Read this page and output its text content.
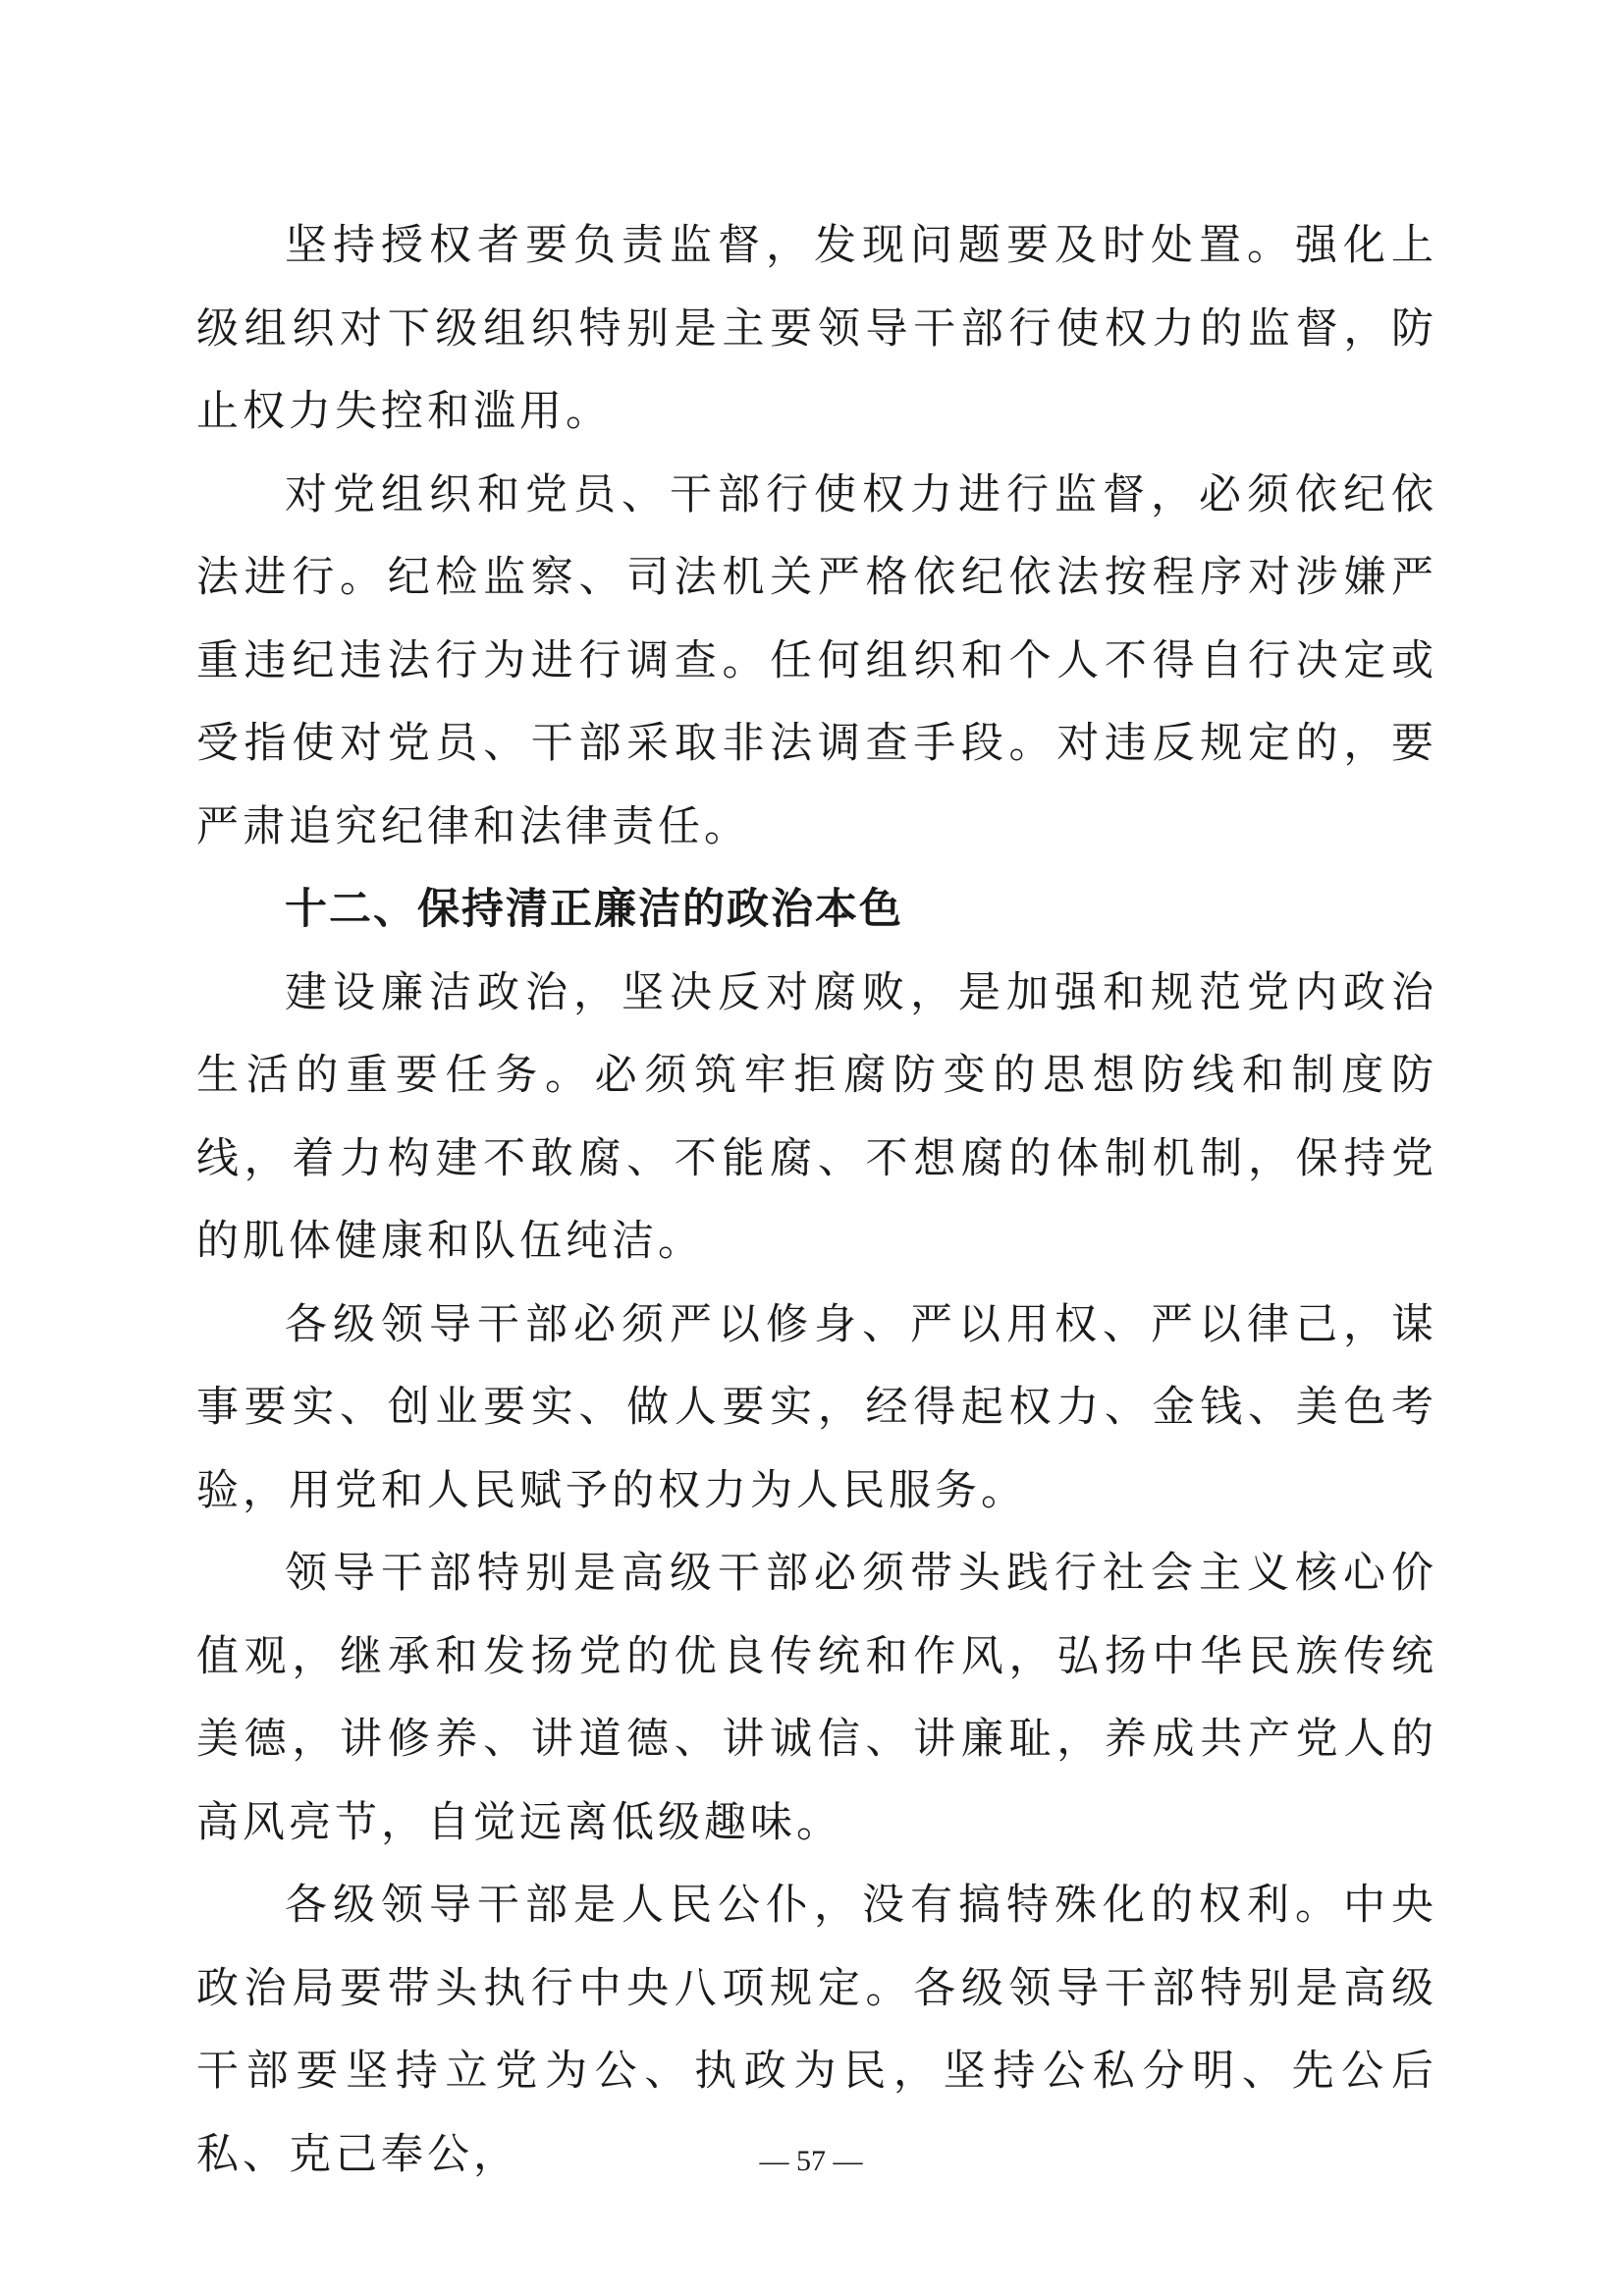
坚持授权者要负责监督，发现问题要及时处置。强化上级组织对下级组织特别是主要领导干部行使权力的监督，防止权力失控和滥用。

对党组织和党员、干部行使权力进行监督，必须依纪依法进行。纪检监察、司法机关严格依纪依法按程序对涉嫌严重违纪违法行为进行调查。任何组织和个人不得自行决定或受指使对党员、干部采取非法调查手段。对违反规定的，要严肃追究纪律和法律责任。

十二、保持清正廉洁的政治本色

建设廉洁政治，坚决反对腐败，是加强和规范党内政治生活的重要任务。必须筑牢拒腐防变的思想防线和制度防线，着力构建不敢腐、不能腐、不想腐的体制机制，保持党的肌体健康和队伍纯洁。

各级领导干部必须严以修身、严以用权、严以律己，谋事要实、创业要实、做人要实，经得起权力、金钱、美色考验，用党和人民赋予的权力为人民服务。

领导干部特别是高级干部必须带头践行社会主义核心价值观，继承和发扬党的优良传统和作风，弘扬中华民族传统美德，讲修养、讲道德、讲诚信、讲廉耻，养成共产党人的高风亮节，自觉远离低级趣味。

各级领导干部是人民公仆，没有搞特殊化的权利。中央政治局要带头执行中央八项规定。各级领导干部特别是高级干部要坚持立党为公、执政为民，坚持公私分明、先公后私、克己奉公，	— 57 —
